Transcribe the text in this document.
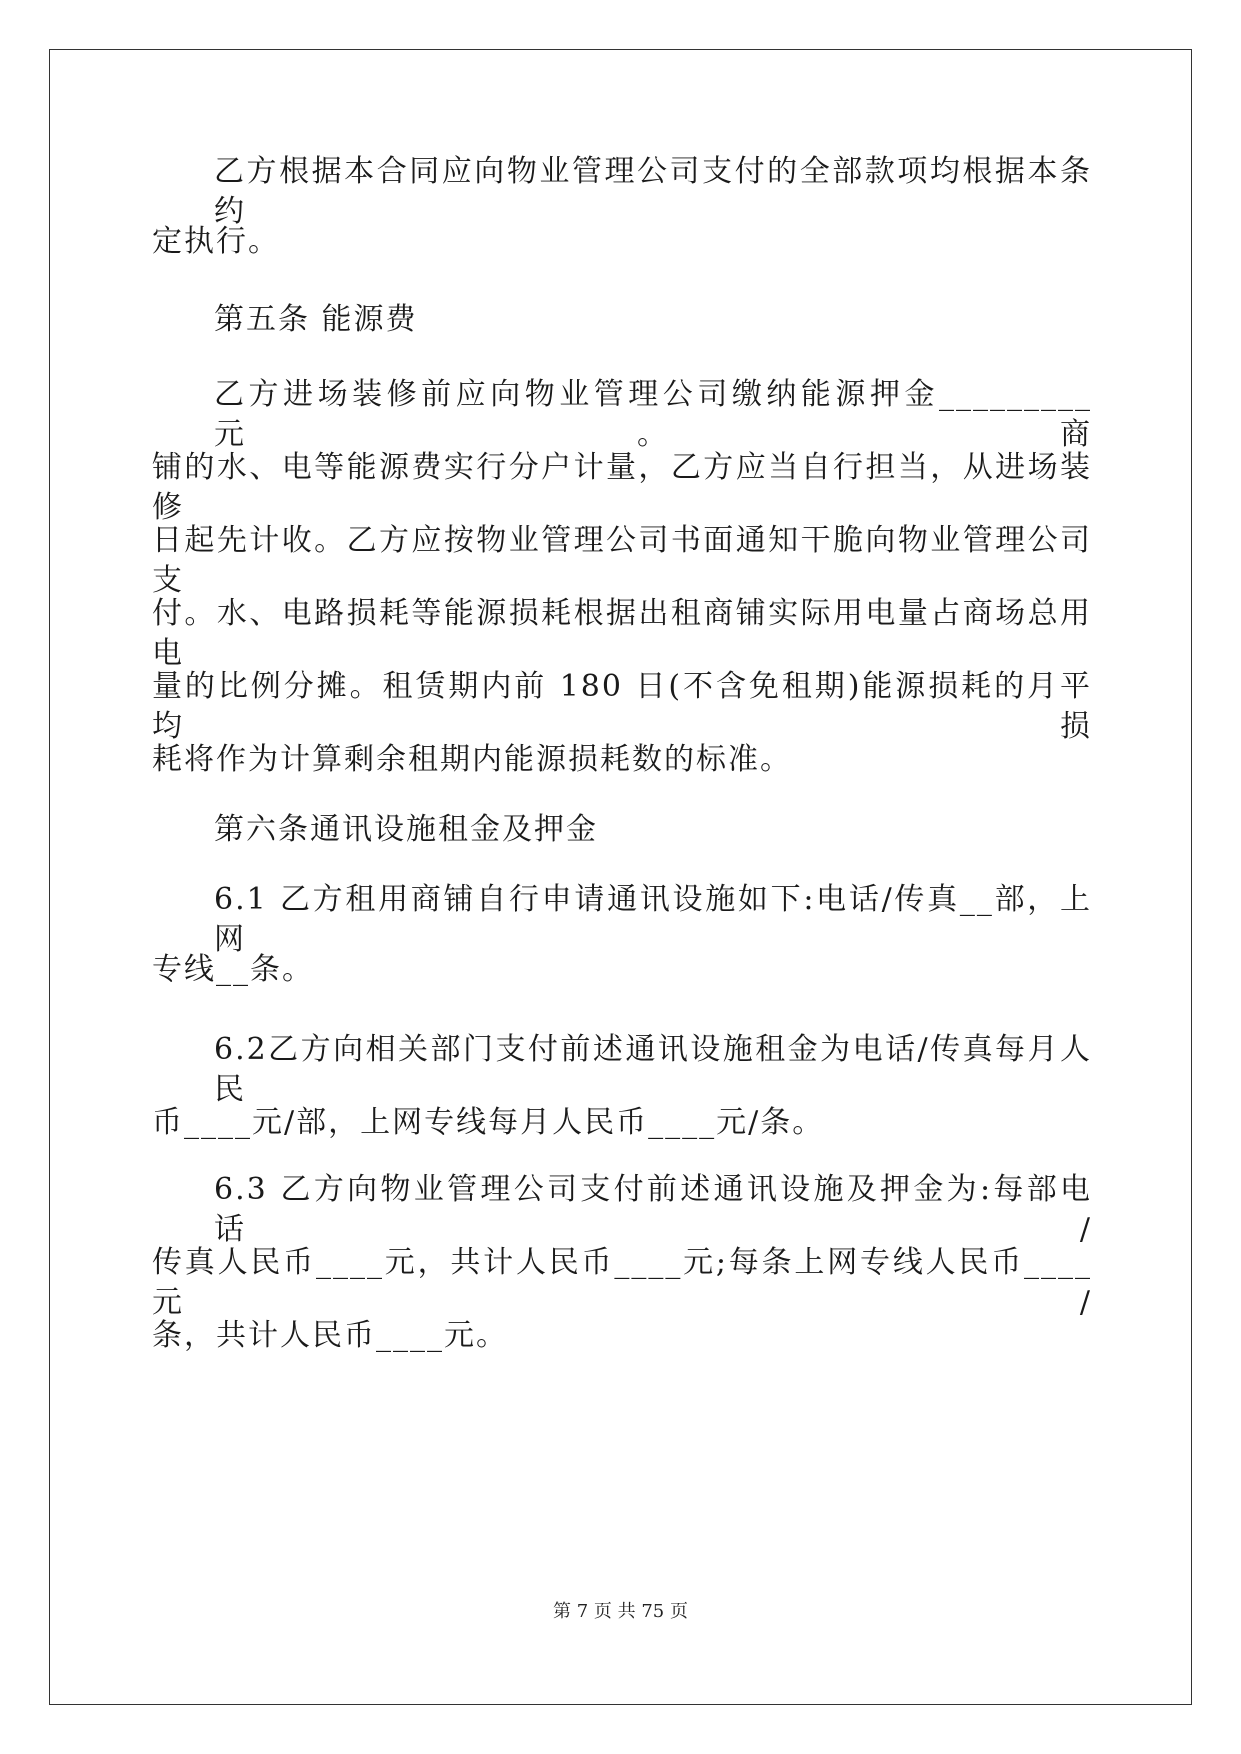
乙方根据本合同应向物业管理公司支付的全部款项均根据本条约
定执行。
第五条 能源费
乙方进场装修前应向物业管理公司缴纳能源押金_________元。商
铺的水、电等能源费实行分户计量，乙方应当自行担当，从进场装修
日起先计收。乙方应按物业管理公司书面通知干脆向物业管理公司支
付。水、电路损耗等能源损耗根据出租商铺实际用电量占商场总用电
量的比例分摊。租赁期内前 180 日(不含免租期)能源损耗的月平均损
耗将作为计算剩余租期内能源损耗数的标准。
第六条通讯设施租金及押金
6.1 乙方租用商铺自行申请通讯设施如下:电话/传真__部，上网
专线__条。
6.2乙方向相关部门支付前述通讯设施租金为电话/传真每月人民
币____元/部，上网专线每月人民币____元/条。
6.3 乙方向物业管理公司支付前述通讯设施及押金为:每部电话/
传真人民币____元，共计人民币____元;每条上网专线人民币____元/
条，共计人民币____元。
第 7 页 共 75 页
